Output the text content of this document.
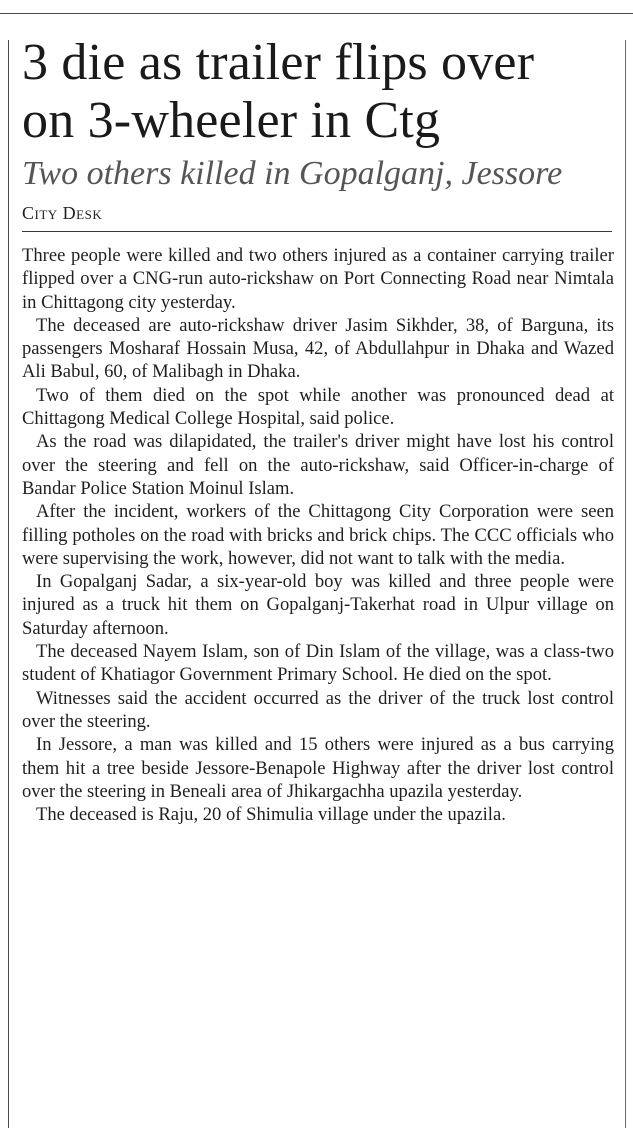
3 die as trailer flips over
on 3-wheeler in Ctg
Two others killed in Gopalganj, Jessore
City Desk

Three people were killed and two others injured as a container carrying trailer flipped over a CNG-run auto-rickshaw on Port Connecting Road near Nimtala in Chittagong city yesterday.

The deceased are auto-rickshaw driver Jasim Sikhder, 38, of Barguna, its passengers Mosharaf Hossain Musa, 42, of Abdullahpur in Dhaka and Wazed Ali Babul, 60, of Malibagh in Dhaka.

Two of them died on the spot while another was pronounced dead at Chittagong Medical College Hospital, said police.

As the road was dilapidated, the trailer's driver might have lost his control over the steering and fell on the auto-rickshaw, said Officer-in-charge of Bandar Police Station Moinul Islam.

After the incident, workers of the Chittagong City Corporation were seen filling potholes on the road with bricks and brick chips. The CCC officials who were supervising the work, however, did not want to talk with the media.

In Gopalganj Sadar, a six-year-old boy was killed and three people were injured as a truck hit them on Gopalganj-Takerhat road in Ulpur village on Saturday afternoon.

The deceased Nayem Islam, son of Din Islam of the village, was a class-two student of Khatiagor Government Primary School. He died on the spot.

Witnesses said the accident occurred as the driver of the truck lost control over the steering.

In Jessore, a man was killed and 15 others were injured as a bus carrying them hit a tree beside Jessore-Benapole Highway after the driver lost control over the steering in Beneali area of Jhikargachha upazila yesterday.

The deceased is Raju, 20 of Shimulia village under the upazila.
